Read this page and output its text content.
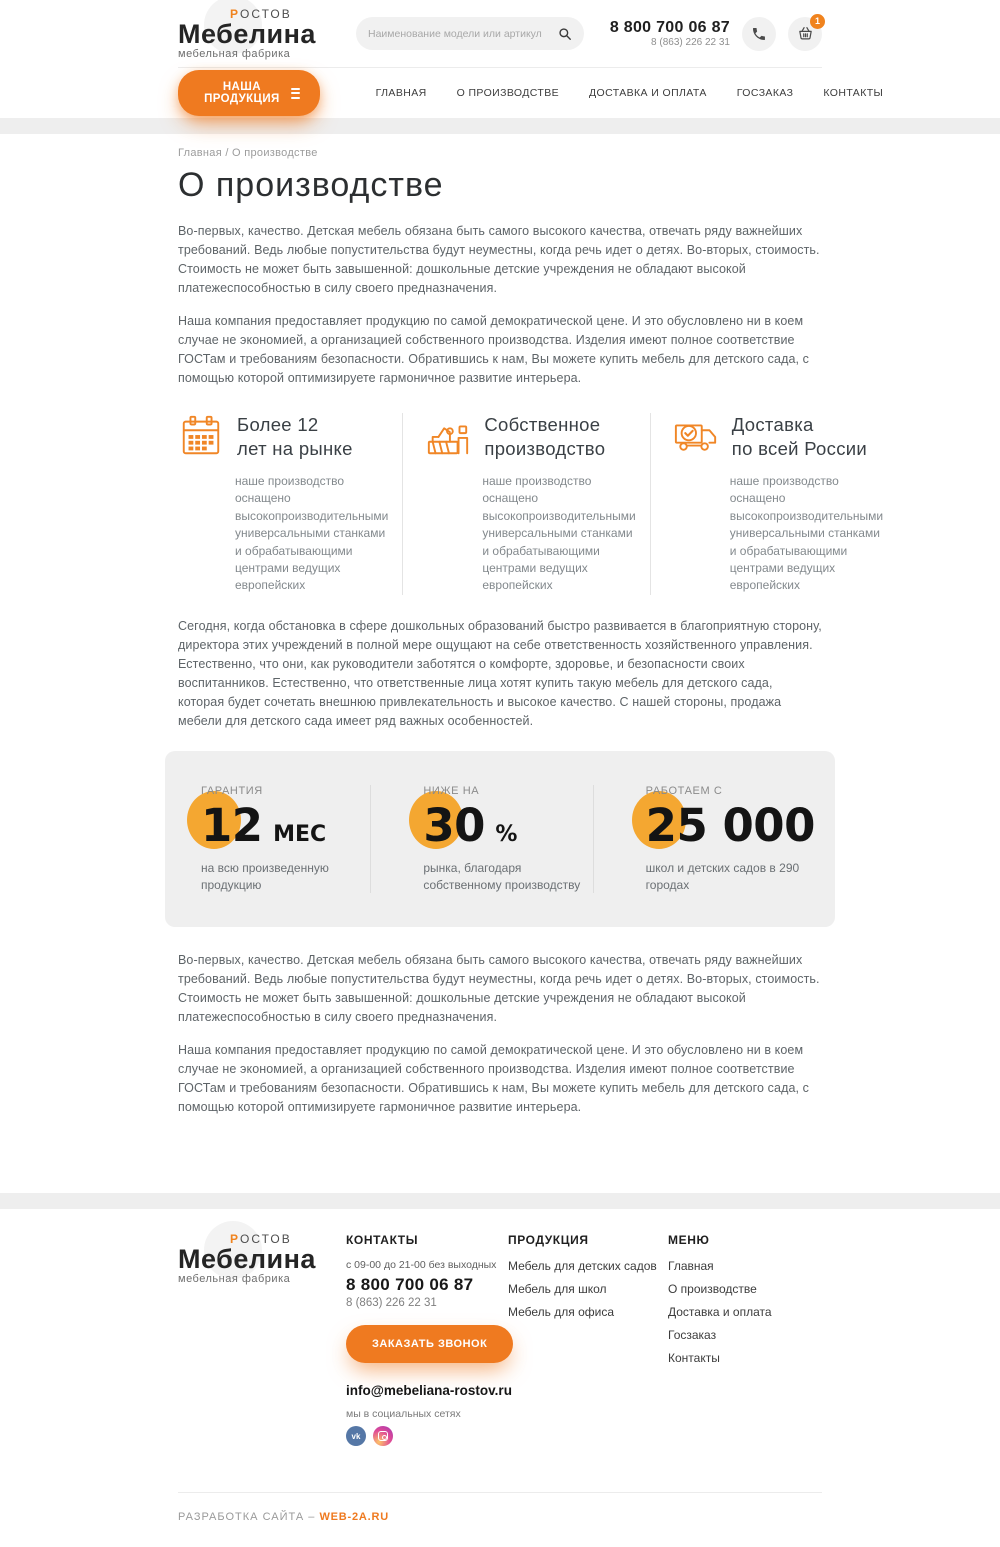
РОСТОВ
Мебелина
мебельная фабрика
Наименование модели или артикул
8 800 700 06 87
8 (863) 226 22 31
1
НАША ПРОДУКЦИЯ	ГЛАВНАЯ	О ПРОИЗВОДСТВЕ	ДОСТАВКА И ОПЛАТА	ГОСЗАКАЗ	КОНТАКТЫ
Главная / О производстве
О производстве

Во-первых, качество. Детская мебель обязана быть самого высокого качества, отвечать ряду важнейших требований. Ведь любые попустительства будут неуместны, когда речь идет о детях. Во-вторых, стоимость. Стоимость не может быть завышенной: дошкольные детские учреждения не обладают высокой платежеспособностью в силу своего предназначения.

Наша компания предоставляет продукцию по самой демократической цене. И это обусловлено ни в коем случае не экономией, а организацией собственного производства. Изделия имеют полное соответствие ГОСТам и требованиям безопасности. Обратившись к нам, Вы можете купить мебель для детского сада, с помощью которой оптимизируете гармоничное развитие интерьера.

Более 12
лет на рынке
наше производство оснащено высокопроизводительными универсальными станками и обрабатывающими центрами ведущих европейских
Собственное
производство
наше производство оснащено высокопроизводительными универсальными станками и обрабатывающими центрами ведущих европейских
Доставка
по всей России
наше производство оснащено высокопроизводительными универсальными станками и обрабатывающими центрами ведущих европейских

Сегодня, когда обстановка в сфере дошкольных образований быстро развивается в благоприятную сторону, директора этих учреждений в полной мере ощущают на себе ответственность хозяйственного управления. Естественно, что они, как руководители заботятся о комфорте, здоровье, и безопасности своих воспитанников. Естественно, что ответственные лица хотят купить такую мебель для детского сада, которая будет сочетать внешнюю привлекательность и высокое качество. С нашей стороны, продажа мебели для детского сада имеет ряд важных особенностей.

ГАРАНТИЯ
12 МЕС
на всю произведенную продукцию
НИЖЕ НА
30 %
рынка, благодаря собственному производству
РАБОТАЕМ С
25 000
школ и детских садов в 290 городах

Во-первых, качество. Детская мебель обязана быть самого высокого качества, отвечать ряду важнейших требований. Ведь любые попустительства будут неуместны, когда речь идет о детях. Во-вторых, стоимость. Стоимость не может быть завышенной: дошкольные детские учреждения не обладают высокой платежеспособностью в силу своего предназначения.

Наша компания предоставляет продукцию по самой демократической цене. И это обусловлено ни в коем случае не экономией, а организацией собственного производства. Изделия имеют полное соответствие ГОСТам и требованиям безопасности. Обратившись к нам, Вы можете купить мебель для детского сада, с помощью которой оптимизируете гармоничное развитие интерьера.

РОСТОВ
Мебелина
мебельная фабрика
КОНТАКТЫ
с 09-00 до 21-00 без выходных
8 800 700 06 87
8 (863) 226 22 31
ЗАКАЗАТЬ ЗВОНОК
info@mebeliana-rostov.ru
мы в социальных сетях
vk
ПРОДУКЦИЯ
Мебель для детских садов
Мебель для школ
Мебель для офиса
МЕНЮ
Главная
О производстве
Доставка и оплата
Госзаказ
Контакты
РАЗРАБОТКА САЙТА – WEB-2A.RU
